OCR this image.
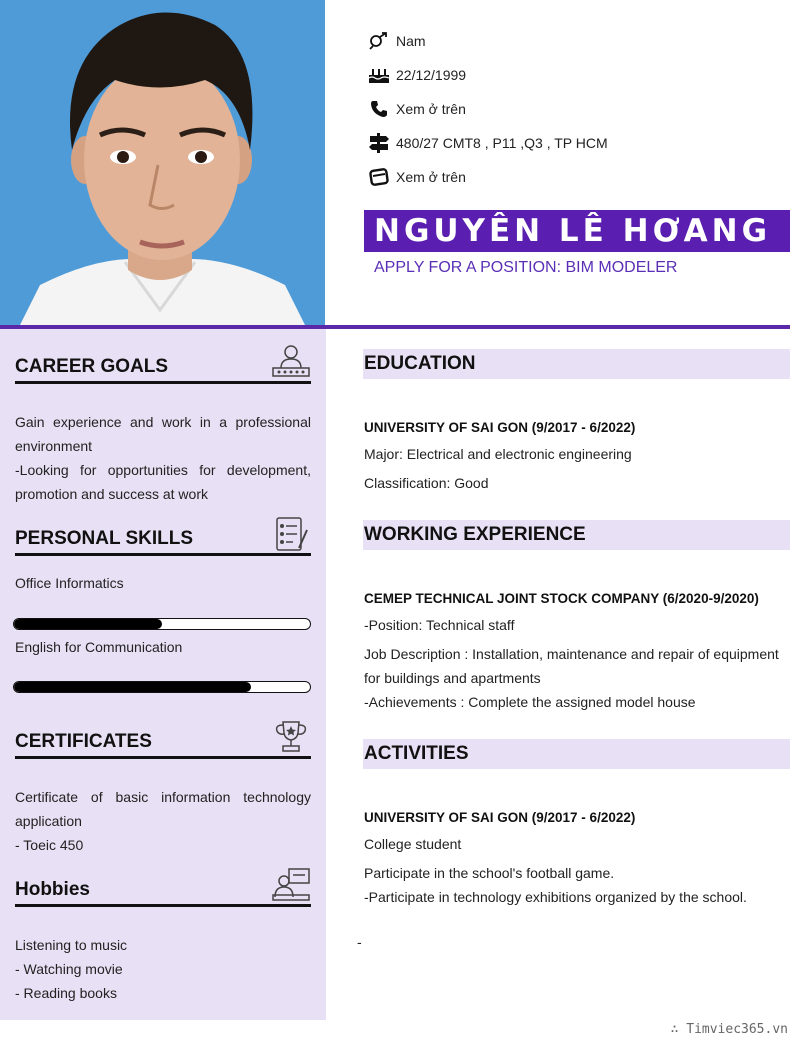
Nam
22/12/1999
Xem ở trên
480/27 CMT8 , P11 ,Q3 , TP HCM
Xem ở trên
NGUYÊN LÊ HƠANG
APPLY FOR A POSITION: BIM MODELER
CAREER GOALS
Gain experience and work in a professional environment
-Looking for opportunities for development, promotion and success at work
PERSONAL SKILLS
Office Informatics
English for Communication
CERTIFICATES
Certificate of basic information technology application
- Toeic 450
Hobbies
Listening to music
- Watching movie
- Reading books
EDUCATION
UNIVERSITY OF SAI GON (9/2017 - 6/2022)
Major: Electrical and electronic engineering
Classification: Good
WORKING EXPERIENCE
CEMEP TECHNICAL JOINT STOCK COMPANY (6/2020-9/2020)
-Position: Technical staff
Job Description : Installation, maintenance and repair of equipment for buildings and apartments
-Achievements : Complete the assigned model house
ACTIVITIES
UNIVERSITY OF SAI GON (9/2017 - 6/2022)
College student
Participate in the school's football game.
-Participate in technology exhibitions organized by the school.
-
∴ Timviec365.vn
